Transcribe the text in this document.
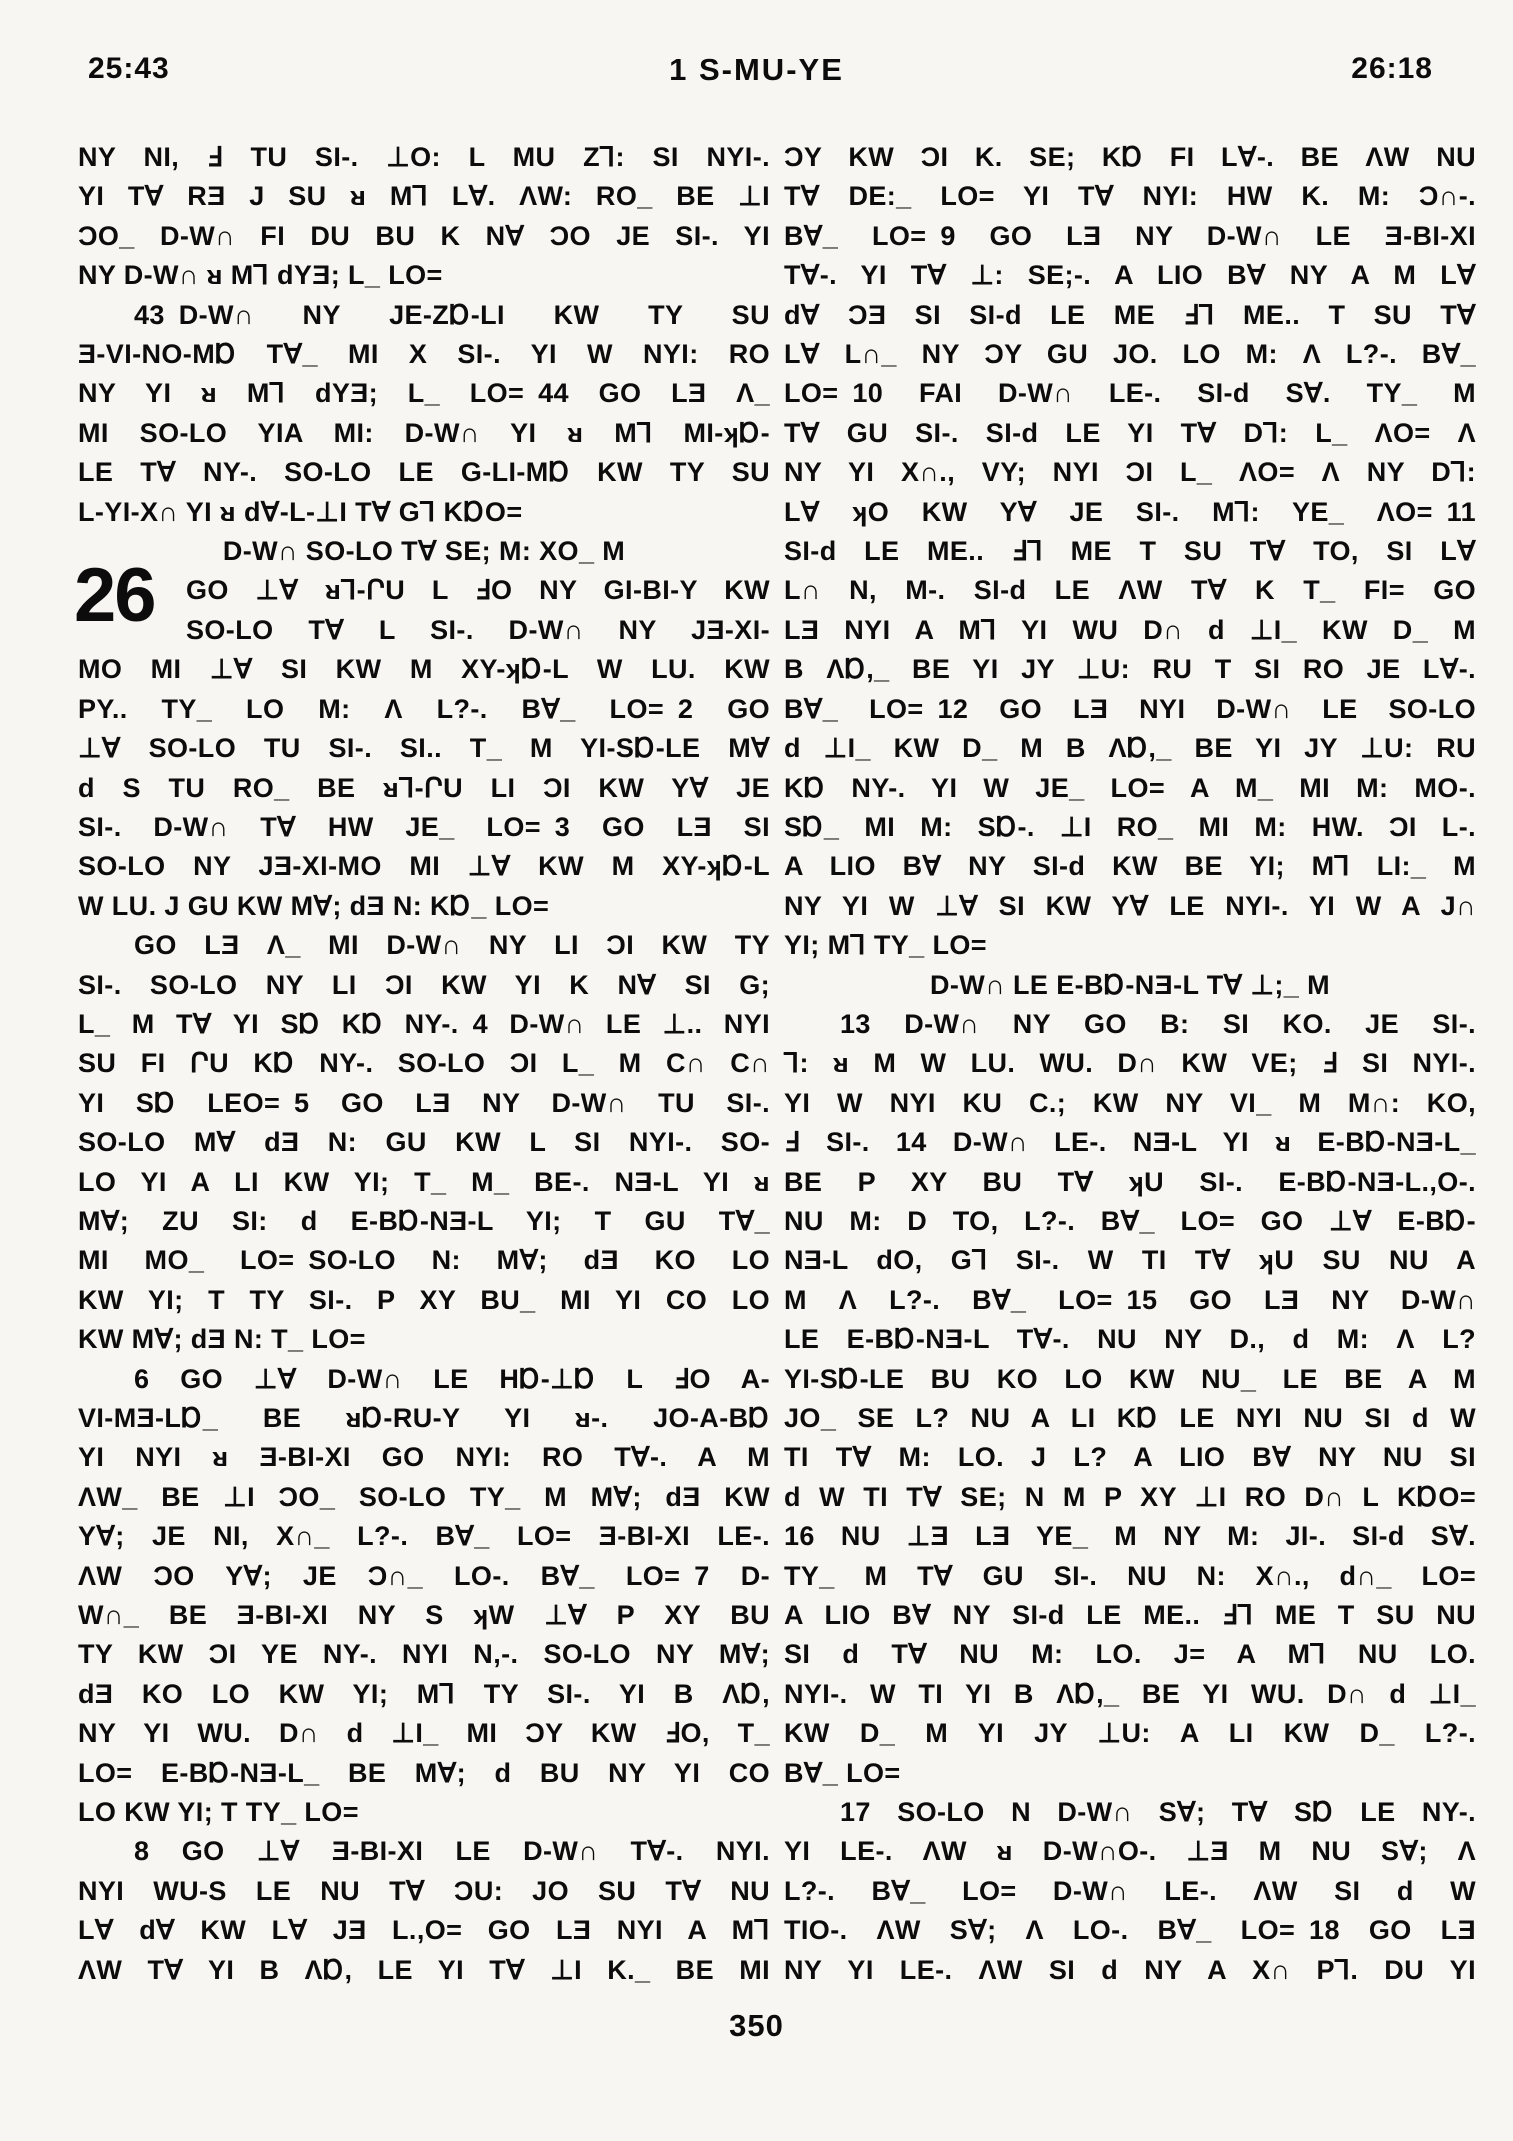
25:43	1 S-MU-YE	26:18
26
NY NI, Ⅎ TU SI-. ⊥O: L MU Z⅂: SI NYI-.
YI T∀ RƎ J SU ᴚ M⅂ L∀. ΛW: RO_ BE ⊥I
ƆO_ D-W∩ FI DU BU K N∀ ƆO JE SI-. YI
NY D-W∩ ᴚ M⅂ dYƎ; L_ LO=
43 D-W∩ NY JE-ZⱰ-LI KW TY SU
Ǝ-VI-NO-MⱰ T∀_ MI X SI-. YI W NYI: RO
NY YI ᴚ M⅂ dYƎ; L_ LO= 44 GO LƎ Λ_
MI SO-LO YIA MI: D-W∩ YI ᴚ M⅂ MI-ʞⱰ-
LE T∀ NY-. SO-LO LE G-LI-MⱰ KW TY SU
L-YI-X∩ YI ᴚ d∀-L-⊥I T∀ G⅂ KⱰO=
D-W∩ SO-LO T∀ SE; M: XO_ M
GO ⊥∀ ᴚ⅂-ՐU L ℲO NY GI-BI-Y KW
SO-LO T∀ L SI-. D-W∩ NY JƎ-XI-
MO MI ⊥∀ SI KW M XY-ʞⱰ-L W LU. KW
PY.. TY_ LO M: Λ L?-. B∀_ LO= 2 GO
⊥∀ SO-LO TU SI-. SI.. T_ M YI-SⱰ-LE M∀
d S TU RO_ BE ᴚ⅂-ՐU LI ƆI KW Y∀ JE
SI-. D-W∩ T∀ HW JE_ LO= 3 GO LƎ SI
SO-LO NY JƎ-XI-MO MI ⊥∀ KW M XY-ʞⱰ-L
W LU. J GU KW M∀; dƎ N: KⱰ_ LO=
GO LƎ Λ_ MI D-W∩ NY LI ƆI KW TY
SI-. SO-LO NY LI ƆI KW YI K N∀ SI G;
L_ M T∀ YI SⱰ KⱰ NY-. 4 D-W∩ LE ⊥.. NYI
SU FI ՐU KⱰ NY-. SO-LO ƆI L_ M C∩ C∩
YI SⱰ LEO= 5 GO LƎ NY D-W∩ TU SI-.
SO-LO M∀ dƎ N: GU KW L SI NYI-. SO-
LO YI A LI KW YI; T_ M_ BE-. NƎ-L YI ᴚ
M∀; ZU SI: d E-BⱰ-NƎ-L YI; T GU T∀_
MI MO_ LO= SO-LO N: M∀; dƎ KO LO
KW YI; T TY SI-. P XY BU_ MI YI CO LO
KW M∀; dƎ N: T_ LO=
6 GO ⊥∀ D-W∩ LE HⱰ-⊥Ɒ L ℲO A-
VI-MƎ-LⱰ_ BE ᴚⱰ-RU-Y YI ᴚ-. JO-A-BⱰ
YI NYI ᴚ Ǝ-BI-XI GO NYI: RO T∀-. A M
ΛW_ BE ⊥I ƆO_ SO-LO TY_ M M∀; dƎ KW
Y∀; JE NI, X∩_ L?-. B∀_ LO= Ǝ-BI-XI LE-.
ΛW ƆO Y∀; JE Ɔ∩_ LO-. B∀_ LO= 7 D-
W∩_ BE Ǝ-BI-XI NY S ʞW ⊥∀ P XY BU
TY KW ƆI YE NY-. NYI N,-. SO-LO NY M∀;
dƎ KO LO KW YI; M⅂ TY SI-. YI B ΛⱰ,
NY YI WU. D∩ d ⊥I_ MI ƆY KW ℲO, T_
LO= E-BⱰ-NƎ-L_ BE M∀; d BU NY YI CO
LO KW YI; T TY_ LO=
8 GO ⊥∀ Ǝ-BI-XI LE D-W∩ T∀-. NYI.
NYI WU-S LE NU T∀ ƆU: JO SU T∀ NU
L∀ d∀ KW L∀ JƎ L.,O= GO LƎ NYI A M⅂
ΛW T∀ YI B ΛⱰ, LE YI T∀ ⊥I K._ BE MI
ƆY KW ƆI K. SE; KⱰ FI L∀-. BE ΛW NU
T∀ DE:_ LO= YI T∀ NYI: HW K. M: Ɔ∩-.
B∀_ LO= 9 GO LƎ NY D-W∩ LE Ǝ-BI-XI
T∀-. YI T∀ ⊥: SE;-. A LIO B∀ NY A M L∀
d∀ ƆƎ SI SI-d LE ME Ⅎ⅂ ME.. T SU T∀
L∀ L∩_ NY ƆY GU JO. LO M: Λ L?-. B∀_
LO= 10 FAI D-W∩ LE-. SI-d S∀. TY_ M
T∀ GU SI-. SI-d LE YI T∀ D⅂: L_ ΛO= Λ
NY YI X∩., VY; NYI ƆI L_ ΛO= Λ NY D⅂:
L∀ ʞO KW Y∀ JE SI-. M⅂: YE_ ΛO= 11
SI-d LE ME.. Ⅎ⅂ ME T SU T∀ TO, SI L∀
L∩ N, M-. SI-d LE ΛW T∀ K T_ FI= GO
LƎ NYI A M⅂ YI WU D∩ d ⊥I_ KW D_ M
B ΛⱰ,_ BE YI JY ⊥U: RU T SI RO JE L∀-.
B∀_ LO= 12 GO LƎ NYI D-W∩ LE SO-LO
d ⊥I_ KW D_ M B ΛⱰ,_ BE YI JY ⊥U: RU
KⱰ NY-. YI W JE_ LO= A M_ MI M: MO-.
SⱰ_ MI M: SⱰ-. ⊥I RO_ MI M: HW. ƆI L-.
A LIO B∀ NY SI-d KW BE YI; M⅂ LI:_ M
NY YI W ⊥∀ SI KW Y∀ LE NYI-. YI W A J∩
YI; M⅂ TY_ LO=
D-W∩ LE E-BⱰ-NƎ-L T∀ ⊥;_ M
13 D-W∩ NY GO B: SI KO. JE SI-.
⅂: ᴚ M W LU. WU. D∩ KW VE; Ⅎ SI NYI-.
YI W NYI KU C.; KW NY VI_ M M∩: KO,
Ⅎ SI-. 14 D-W∩ LE-. NƎ-L YI ᴚ E-BⱰ-NƎ-L_
BE P XY BU T∀ ʞU SI-. E-BⱰ-NƎ-L.,O-.
NU M: D TO, L?-. B∀_ LO= GO ⊥∀ E-BⱰ-
NƎ-L dO, G⅂ SI-. W TI T∀ ʞU SU NU A
M Λ L?-. B∀_ LO= 15 GO LƎ NY D-W∩
LE E-BⱰ-NƎ-L T∀-. NU NY D., d M: Λ L?
YI-SⱰ-LE BU KO LO KW NU_ LE BE A M
JO_ SE L? NU A LI KⱰ LE NYI NU SI d W
TI T∀ M: LO. J L? A LIO B∀ NY NU SI
d W TI T∀ SE; N M P XY ⊥I RO D∩ L KⱰO=
16 NU ⊥Ǝ LƎ YE_ M NY M: JI-. SI-d S∀.
TY_ M T∀ GU SI-. NU N: X∩., d∩_ LO=
A LIO B∀ NY SI-d LE ME.. Ⅎ⅂ ME T SU NU
SI d T∀ NU M: LO. J= A M⅂ NU LO.
NYI-. W TI YI B ΛⱰ,_ BE YI WU. D∩ d ⊥I_
KW D_ M YI JY ⊥U: A LI KW D_ L?-.
B∀_ LO=
17 SO-LO N D-W∩ S∀; T∀ SⱰ LE NY-.
YI LE-. ΛW ᴚ D-W∩O-. ⊥Ǝ M NU S∀; Λ
L?-. B∀_ LO= D-W∩ LE-. ΛW SI d W
TIO-. ΛW S∀; Λ LO-. B∀_ LO= 18 GO LƎ
NY YI LE-. ΛW SI d NY A X∩ P⅂. DU YI
350
